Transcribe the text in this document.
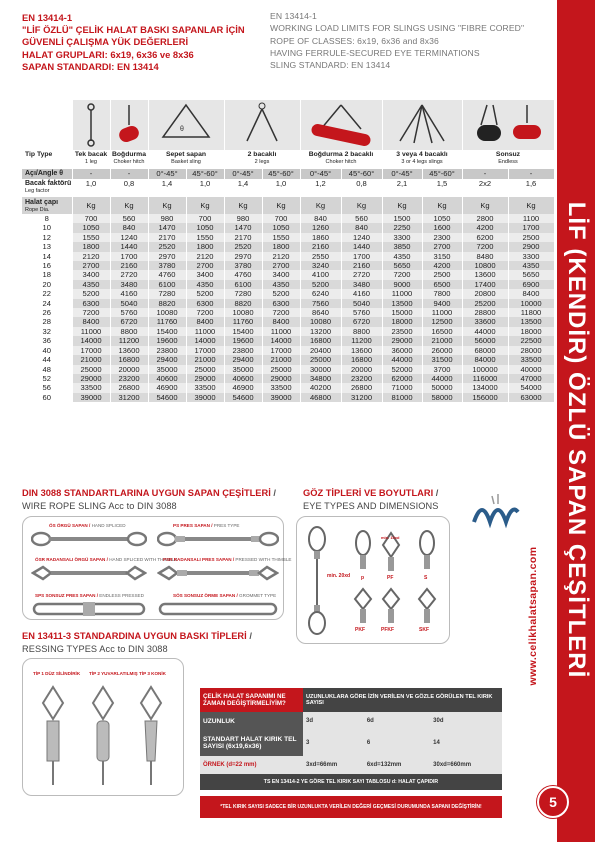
EN 13414-1
"LİF ÖZLÜ" ÇELİK HALAT BASKI SAPANLAR İÇİN
GÜVENLİ ÇALIŞMA YÜK DEĞERLERİ
HALAT GRUPLARI: 6x19, 6x36 ve 8x36
SAPAN STANDARDI: EN 13414
EN 13414-1
WORKING LOAD LIMITS FOR SLINGS USING "FIBRE CORED"
ROPE OF CLASSES: 6x19, 6x36 and 8x36
HAVING FERRULE-SECURED EYE TERMINATIONS
SLING STANDARD: EN 13414
LİF (KENDİR) ÖZLÜ SAPAN ÇEŞİTLERİ
www.celikhalatsapan.com
5

θ

Tip Type	Tek bacak
1 leg	Boğdurma
Choker hitch	Sepet sapan
Basket sling		2 bacaklı
2 legs		Boğdurma 2 bacaklı
Choker hitch		3 veya 4 bacaklı
3 or 4 legs slings		Sonsuz
Endless	

Açı/Angle θ	-	-	0°-45°	45°-60°	0°-45°	45°-60°	0°-45°	45°-60°	0°-45°	45°-60°	-	-
Bacak faktörü
Leg factor	1,0	0,8	1,4	1,0	1,4	1,0	1,2	0,8	2,1	1,5	2x2	1,6
Halat çapı
Rope Dia.	Kg	Kg	Kg	Kg	Kg	Kg	Kg	Kg	Kg	Kg	Kg	Kg
8	700	560	980	700	980	700	840	560	1500	1050	2800	1100
10	1050	840	1470	1050	1470	1050	1260	840	2250	1600	4200	1700
12	1550	1240	2170	1550	2170	1550	1860	1240	3300	2300	6200	2500
13	1800	1440	2520	1800	2520	1800	2160	1440	3850	2700	7200	2900
14	2120	1700	2970	2120	2970	2120	2550	1700	4350	3150	8480	3300
16	2700	2160	3780	2700	3780	2700	3240	2160	5650	4200	10800	4350
18	3400	2720	4760	3400	4760	3400	4100	2720	7200	2500	13600	5650
20	4350	3480	6100	4350	6100	4350	5200	3480	9000	6500	17400	6900
22	5200	4160	7280	5200	7280	5200	6240	4160	11000	7800	20800	8400
24	6300	5040	8820	6300	8820	6300	7560	5040	13500	9400	25200	10000
26	7200	5760	10080	7200	10080	7200	8640	5760	15000	11000	28800	11800
28	8400	6720	11760	8400	11760	8400	10080	6720	18000	12500	33600	13500
32	11000	8800	15400	11000	15400	11000	13200	8800	23500	16500	44000	18000
36	14000	11200	19600	14000	19600	14000	16800	11200	29000	21000	56000	22500
40	17000	13600	23800	17000	23800	17000	20400	13600	36000	26000	68000	28000
44	21000	16800	29400	21000	29400	21000	25000	16800	44000	31500	84000	33500
48	25000	20000	35000	25000	35000	25000	30000	20000	52000	3700	100000	40000
52	29000	23200	40600	29000	40600	29000	34800	23200	62000	44000	116000	47000
56	33500	26800	46900	33500	46900	33500	40200	26800	71000	50000	134000	54000
60	39000	31200	54600	39000	54600	39000	46800	31200	81000	58000	156000	63000
DIN 3088 STANDARTLARINA UYGUN SAPAN ÇEŞİTLERİ /
WIRE ROPE SLING Acc to DIN 3088
ÖS ÖRGÜ SAPAN / HAND SPLICED	PS PRES SAPAN / PRES TYPE
ÖSR RADANSALI ÖRGÜ SAPAN / HAND SPLICED WITH THIMBLE
PSR RADANSALI PRES SAPAN / PRESSED WITH THIMBLE
SPS SONSUZ PRES SAPAN / ENDLESS PRESSED	SÖS SONSUZ ÖRME SAPAN / GROMMET TYPE
GÖZ TİPLERİ VE BOYUTLARI /
EYE TYPES AND DIMENSIONS
min. 20xd
min. 15xd
p	PF	S
PKF	PFKF	SKF
EN 13411-3 STANDARDINA UYGUN BASKI TİPLERİ /
RESSING TYPES Acc to DIN 3088
TİP 1 DÜZ SİLİNDİRİK TİP 2 YUVARLATILMIŞ TİP 3 KONİK
ÇELİK HALAT SAPANIMI NE ZAMAN DEĞİŞTİRMELİYİM?	UZUNLUKLARA GÖRE İZİN VERİLEN VE GÖZLE GÖRÜLEN TEL KIRIK SAYISI		
UZUNLUK	3d	6d	30d
STANDART HALAT KIRIK TEL SAYISI (6x19,6x36)	3	6	14
ÖRNEK (d=22 mm)	3xd=66mm	6xd=132mm	30xd=660mm
TS EN 13414-2 YE GÖRE TEL KIRIK SAYI TABLOSU d: HALAT ÇAPIDIR			

*TEL KIRIK SAYISI SADECE BİR UZUNLUKTA VERİLEN DEĞERİ GEÇMESİ DURUMUNDA SAPANI DEĞİŞTİRİN!			
